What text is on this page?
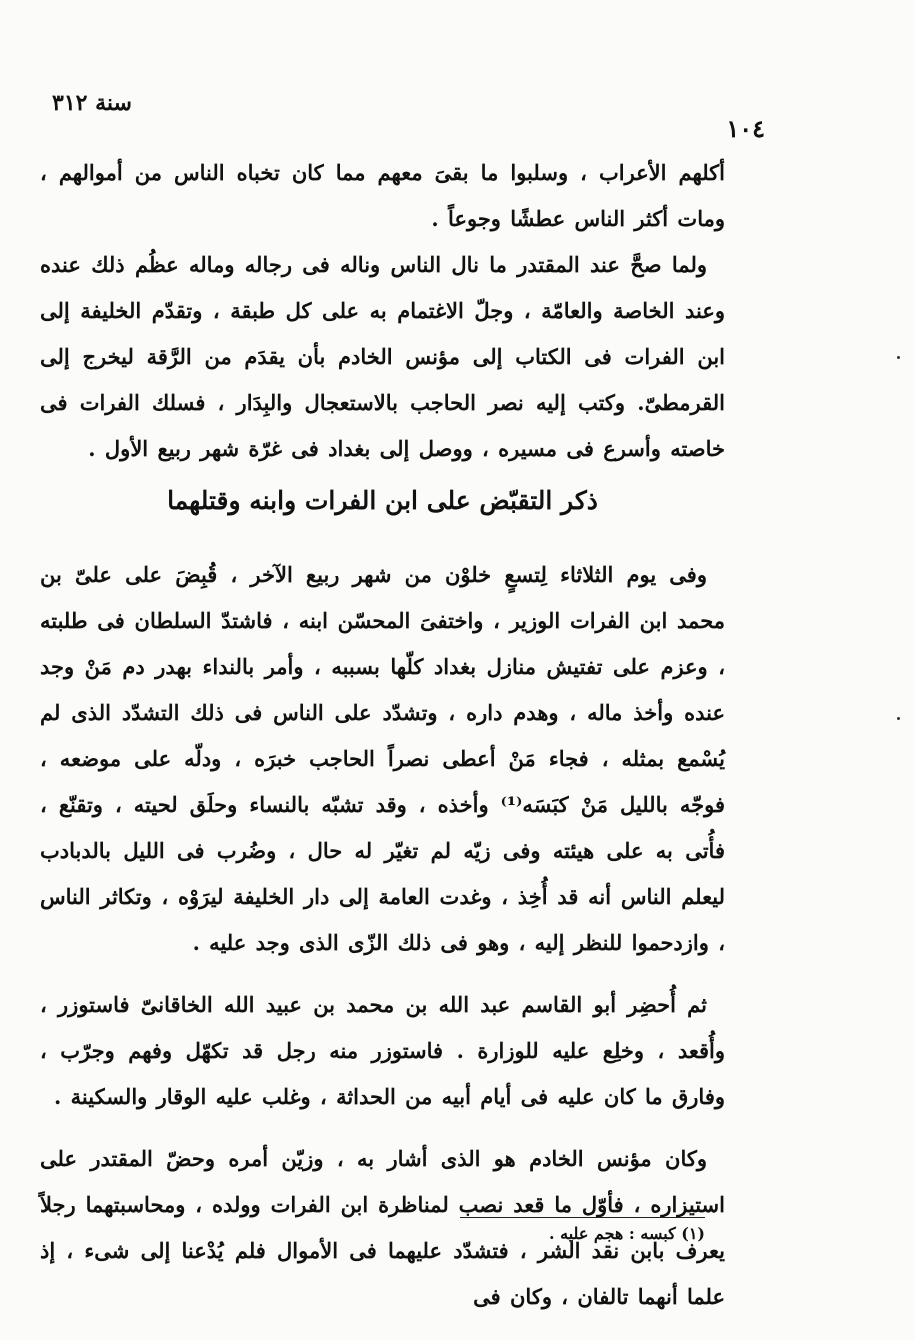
سنة ٣١٢
١٠٤

أكلهم الأعراب ، وسلبوا ما بقىَ معهم مما كان تخباه الناس من أموالهم ، ومات أكثر الناس عطشًا وجوعاً .

ولما صحَّ عند المقتدر ما نال الناس وناله فى رجاله وماله عظُم ذلك عنده وعند الخاصة والعامّة ، وجلّ الاغتمام به على كل طبقة ، وتقدّم الخليفة إلى ابن الفرات فى الكتاب إلى مؤنس الخادم بأن يقدَم من الرَّقة ليخرج إلى القرمطىّ. وكتب إليه نصر الحاجب بالاستعجال والبِدَار ، فسلك الفرات فى خاصته وأسرع فى مسيره ، ووصل إلى بغداد فى غرّة شهر ربيع الأول .

ذكر التقبّض على ابن الفرات وابنه وقتلهما

وفى يوم الثلاثاء لِتسعٍ خلوْن من شهر ربيع الآخر ، قُبِضَ على علىّ بن محمد ابن الفرات الوزير ، واختفىَ المحسّن ابنه ، فاشتدّ السلطان فى طلبته ، وعزم على تفتيش منازل بغداد كلّها بسببه ، وأمر بالنداء بهدر دم مَنْ وجد عنده وأخذ ماله ، وهدم داره ، وتشدّد على الناس فى ذلك التشدّد الذى لم يُسْمع بمثله ، فجاء مَنْ أعطى نصراً الحاجب خبرَه ، ودلّه على موضعه ، فوجّه بالليل مَنْ كبَسَه⁽¹⁾ وأخذه ، وقد تشبّه بالنساء وحلَق لحيته ، وتقنّع ، فأُتى به على هيئته وفى زيّه لم تغيّر له حال ، وضُرب فى الليل بالدبادب ليعلم الناس أنه قد أُخِذ ، وغدت العامة إلى دار الخليفة ليرَوْه ، وتكاثر الناس ، وازدحموا للنظر إليه ، وهو فى ذلك الزّى الذى وجد عليه .

ثم أُحضِر أبو القاسم عبد الله بن محمد بن عبيد الله الخاقانىّ فاستوزر ، وأُقعد ، وخلِع عليه للوزارة . فاستوزر منه رجل قد تكهّل وفهم وجرّب ، وفارق ما كان عليه فى أيام أبيه من الحداثة ، وغلب عليه الوقار والسكينة .

وكان مؤنس الخادم هو الذى أشار به ، وزيّن أمره وحضّ المقتدر على استيزاره ، فأوّل ما قعد نصب لمناظرة ابن الفرات وولده ، ومحاسبتهما رجلاً يعرف بابن نقد الشر ، فتشدّد عليهما فى الأموال فلم يُدْعنا إلى شىء ، إذ علما أنهما تالفان ، وكان فى

(١) كبسه : هجم عليه .
